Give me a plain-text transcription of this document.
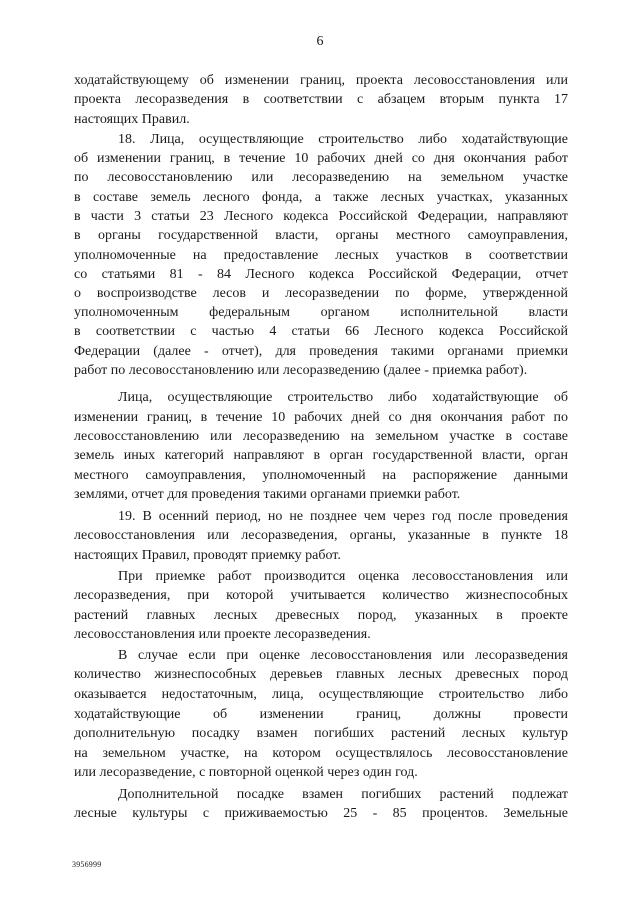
6
ходатайствующему об изменении границ, проекта лесовосстановления или
проекта лесоразведения в соответствии с абзацем вторым пункта 17
настоящих Правил.
18. Лица, осуществляющие строительство либо ходатайствующие
об изменении границ, в течение 10 рабочих дней со дня окончания работ
по лесовосстановлению или лесоразведению на земельном участке
в составе земель лесного фонда, а также лесных участках, указанных
в части 3 статьи 23 Лесного кодекса Российской Федерации, направляют
в органы государственной власти, органы местного самоуправления,
уполномоченные на предоставление лесных участков в соответствии
со статьями 81 - 84 Лесного кодекса Российской Федерации, отчет
о воспроизводстве лесов и лесоразведении по форме, утвержденной
уполномоченным федеральным органом исполнительной власти
в соответствии с частью 4 статьи 66 Лесного кодекса Российской
Федерации (далее - отчет), для проведения такими органами приемки
работ по лесовосстановлению или лесоразведению (далее - приемка работ).
Лица, осуществляющие строительство либо ходатайствующие об
изменении границ, в течение 10 рабочих дней со дня окончания работ по
лесовосстановлению или лесоразведению на земельном участке в составе
земель иных категорий направляют в орган государственной власти, орган
местного самоуправления, уполномоченный на распоряжение данными
землями, отчет для проведения такими органами приемки работ.
19. В осенний период, но не позднее чем через год после проведения
лесовосстановления или лесоразведения, органы, указанные в пункте 18
настоящих Правил, проводят приемку работ.
При приемке работ производится оценка лесовосстановления или
лесоразведения, при которой учитывается количество жизнеспособных
растений главных лесных древесных пород, указанных в проекте
лесовосстановления или проекте лесоразведения.
В случае если при оценке лесовосстановления или лесоразведения
количество жизнеспособных деревьев главных лесных древесных пород
оказывается недостаточным, лица, осуществляющие строительство либо
ходатайствующие об изменении границ, должны провести
дополнительную посадку взамен погибших растений лесных культур
на земельном участке, на котором осуществлялось лесовосстановление
или лесоразведение, с повторной оценкой через один год.
Дополнительной посадке взамен погибших растений подлежат
лесные культуры с приживаемостью 25 - 85 процентов. Земельные
3956999
